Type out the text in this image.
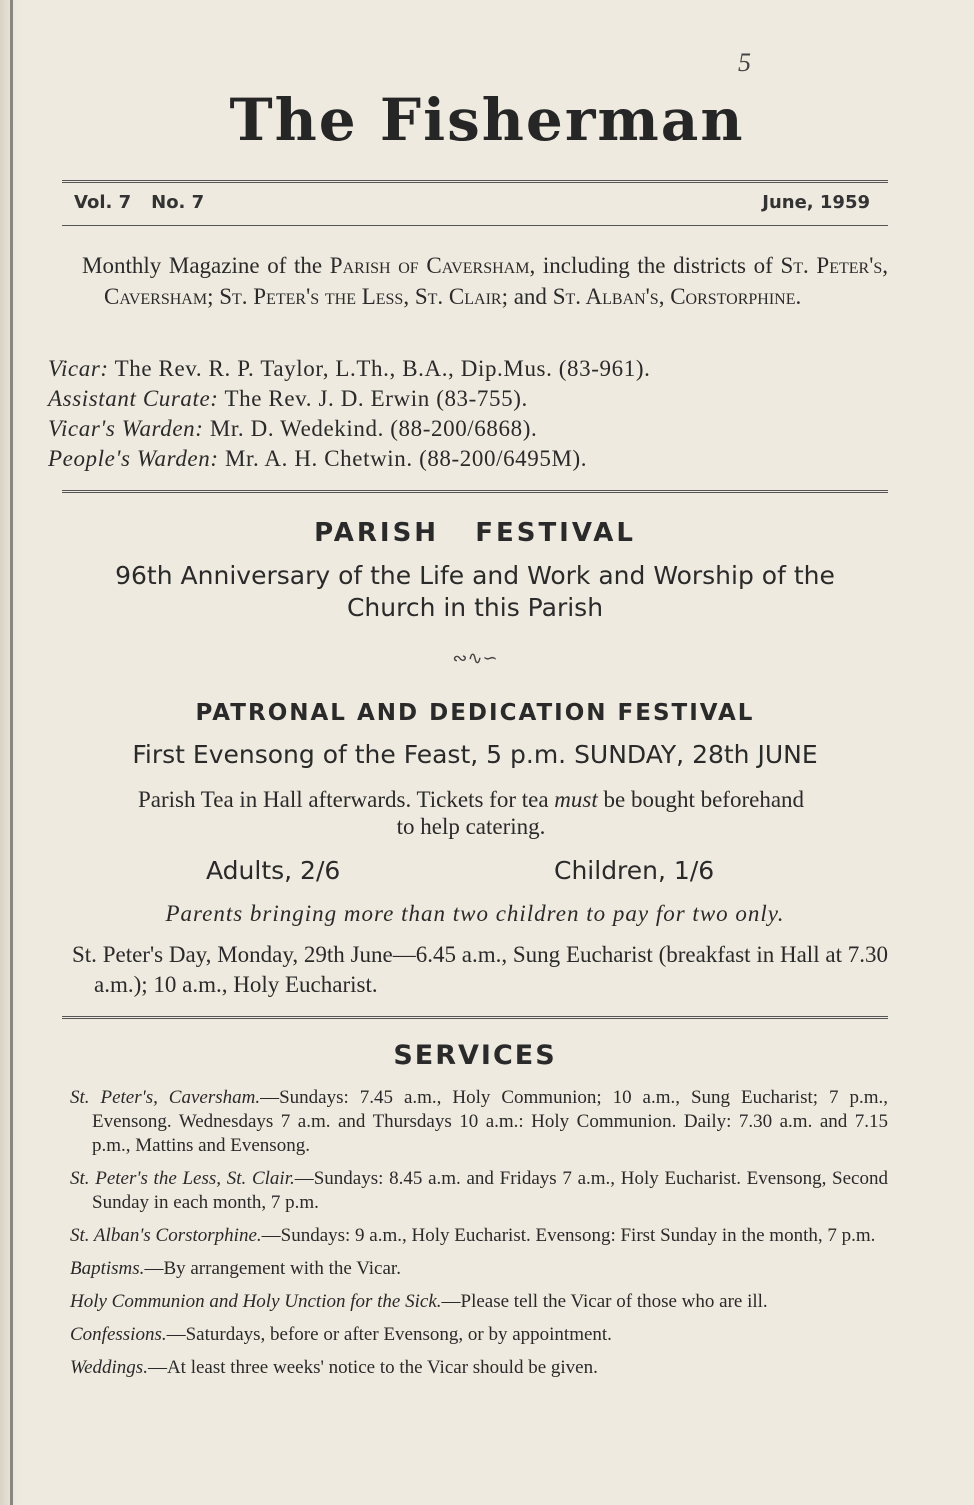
5
The Fisherman
Vol. 7 No. 7	June, 1959

Monthly Magazine of the Parish of Caversham, including the districts of St. Peter's, Caversham; St. Peter's the Less, St. Clair; and St. Alban's, Corstorphine.

Vicar: The Rev. R. P. Taylor, L.Th., B.A., Dip.Mus. (83-961).
Assistant Curate: The Rev. J. D. Erwin (83-755).
Vicar's Warden: Mr. D. Wedekind. (88-200/6868).
People's Warden: Mr. A. H. Chetwin. (88-200/6495M).
PARISH   FESTIVAL
96th Anniversary of the Life and Work and Worship of the
Church in this Parish
∾∿∽
PATRONAL AND DEDICATION FESTIVAL
First Evensong of the Feast, 5 p.m. SUNDAY, 28th JUNE
Parish Tea in Hall afterwards. Tickets for tea must be bought beforehand
to help catering.
Adults, 2/6	Children, 1/6
Parents bringing more than two children to pay for two only.

St. Peter's Day, Monday, 29th June—6.45 a.m., Sung Eucharist (breakfast in Hall at 7.30 a.m.); 10 a.m., Holy Eucharist.

SERVICES

St. Peter's, Caversham.—Sundays: 7.45 a.m., Holy Communion; 10 a.m., Sung Eucharist; 7 p.m., Evensong. Wednesdays 7 a.m. and Thursdays 10 a.m.: Holy Communion. Daily: 7.30 a.m. and 7.15 p.m., Mattins and Evensong.

St. Peter's the Less, St. Clair.—Sundays: 8.45 a.m. and Fridays 7 a.m., Holy Eucharist. Evensong, Second Sunday in each month, 7 p.m.

St. Alban's Corstorphine.—Sundays: 9 a.m., Holy Eucharist. Evensong: First Sunday in the month, 7 p.m.

Baptisms.—By arrangement with the Vicar.

Holy Communion and Holy Unction for the Sick.—Please tell the Vicar of those who are ill.

Confessions.—Saturdays, before or after Evensong, or by appointment.

Weddings.—At least three weeks' notice to the Vicar should be given.
